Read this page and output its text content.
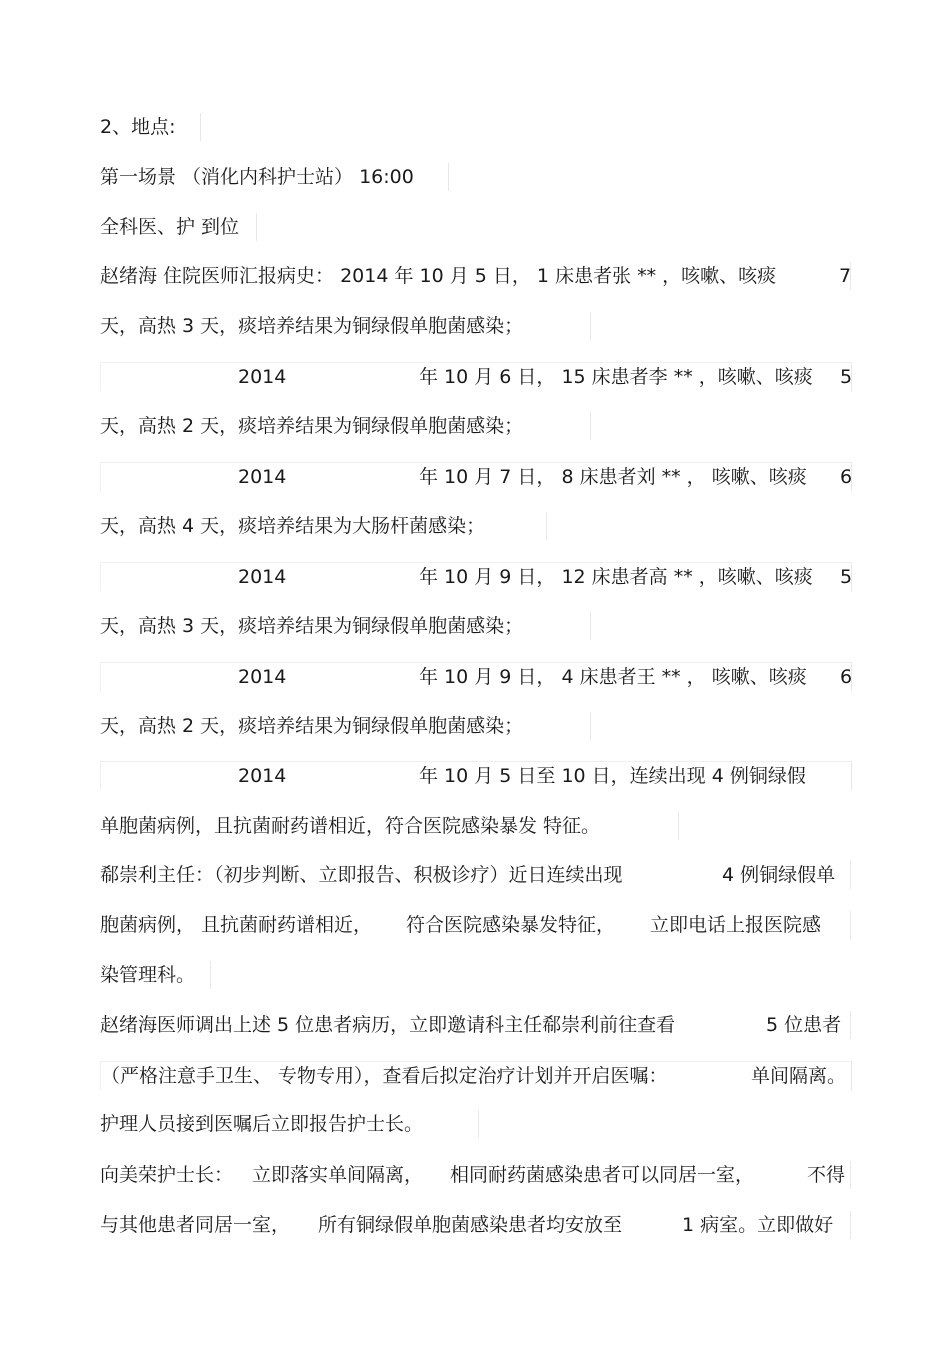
2、地点:
第一场景 （消化内科护士站） 16:00
全科医、护 到位
赵绪海 住院医师汇报病史： 2014 年 10 月 5 日， 1 床患者张 ** ，咳嗽、咳痰	7
天，高热 3 天，痰培养结果为铜绿假单胞菌感染；
2014	年 10 月 6 日， 15 床患者李 ** ，咳嗽、咳痰 5
天，高热 2 天，痰培养结果为铜绿假单胞菌感染；
2014	年 10 月 7 日， 8 床患者刘 ** ， 咳嗽、咳痰 6
天，高热 4 天，痰培养结果为大肠杆菌感染；
2014	年 10 月 9 日， 12 床患者高 ** ，咳嗽、咳痰 5
天，高热 3 天，痰培养结果为铜绿假单胞菌感染；
2014	年 10 月 9 日， 4 床患者王 ** ， 咳嗽、咳痰 6
天，高热 2 天，痰培养结果为铜绿假单胞菌感染；
2014	年 10 月 5 日至 10 日，连续出现 4 例铜绿假
单胞菌病例，且抗菌耐药谱相近，符合医院感染暴发 特征。
郗崇利主任：（初步判断、立即报告、积极诊疗）近日连续出现	4 例铜绿假单
胞菌病例， 且抗菌耐药谱相近， 符合医院感染暴发特征， 立即电话上报医院感
染管理科。
赵绪海医师调出上述 5 位患者病历，立即邀请科主任郗崇利前往查看	5 位患者
（严格注意手卫生、 专物专用），查看后拟定治疗计划并开启医嘱：	单间隔离。
护理人员接到医嘱后立即报告护士长。
向美荣护士长： 立即落实单间隔离， 相同耐药菌感染患者可以同居一室，	不得
与其他患者同居一室， 所有铜绿假单胞菌感染患者均安放至	1 病室。立即做好
